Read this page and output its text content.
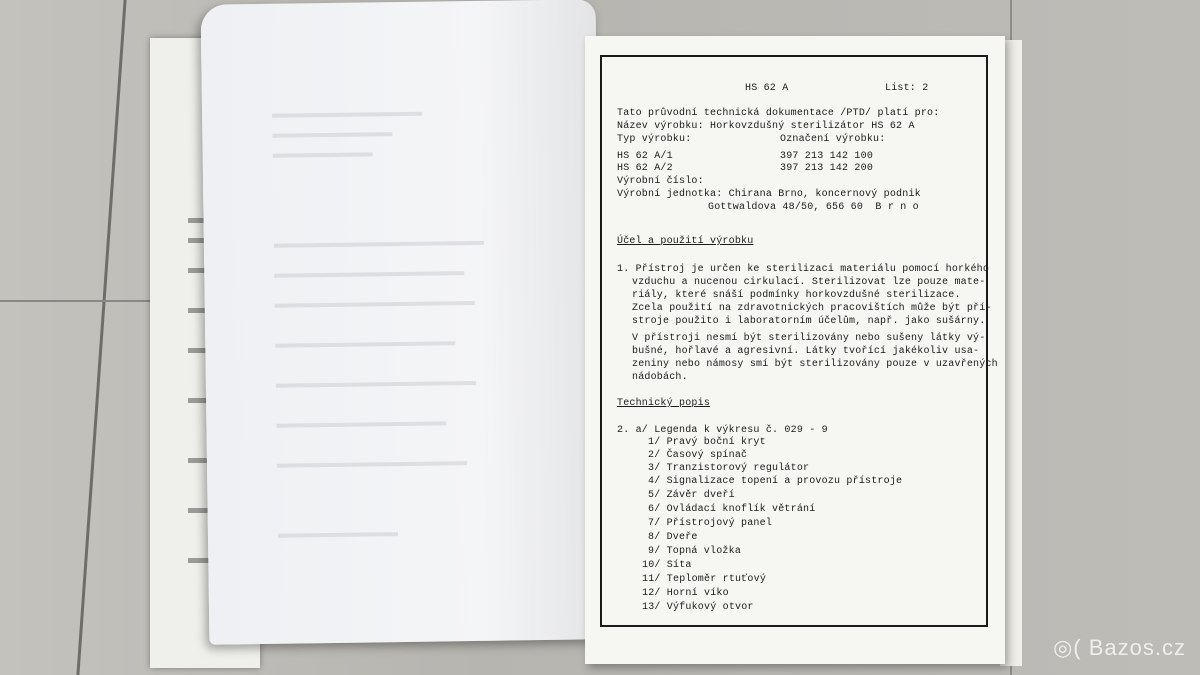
HS 62 A	List: 2
Tato průvodní technická dokumentace /PTD/ platí pro:
Název výrobku: Horkovzdušný sterilizátor HS 62 A
Typ výrobku:	Označení výrobku:
HS 62 A/1	397 213 142 100
HS 62 A/2	397 213 142 200
Výrobní číslo:
Výrobní jednotka: Chirana Brno, koncernový podnik
Gottwaldova 48/50, 656 60  B r n o
Účel a použití výrobku
1. Přístroj je určen ke sterilizaci materiálu pomocí horkého
vzduchu a nucenou cirkulací. Sterilizovat lze pouze mate-
riály, které snáší podmínky horkovzdušné sterilizace.
Zcela použití na zdravotnických pracovištích může být pří-
stroje použito i laboratorním účelům, např. jako sušárny.
V přístroji nesmí být sterilizovány nebo sušeny látky vý-
bušné, hořlavé a agresivní. Látky tvořící jakékoliv usa-
zeniny nebo námosy smí být sterilizovány pouze v uzavřených
nádobách.
Technický popis
2. a/ Legenda k výkresu č. 029 - 9
1/ Pravý boční kryt
2/ Časový spínač
3/ Tranzistorový regulátor
4/ Signalizace topení a provozu přístroje
5/ Závěr dveří
6/ Ovládací knoflík větrání
7/ Přístrojový panel
8/ Dveře
9/ Topná vložka
10/ Síta
11/ Teploměr rtuťový
12/ Horní víko
13/ Výfukový otvor
◎( Bazos.cz
